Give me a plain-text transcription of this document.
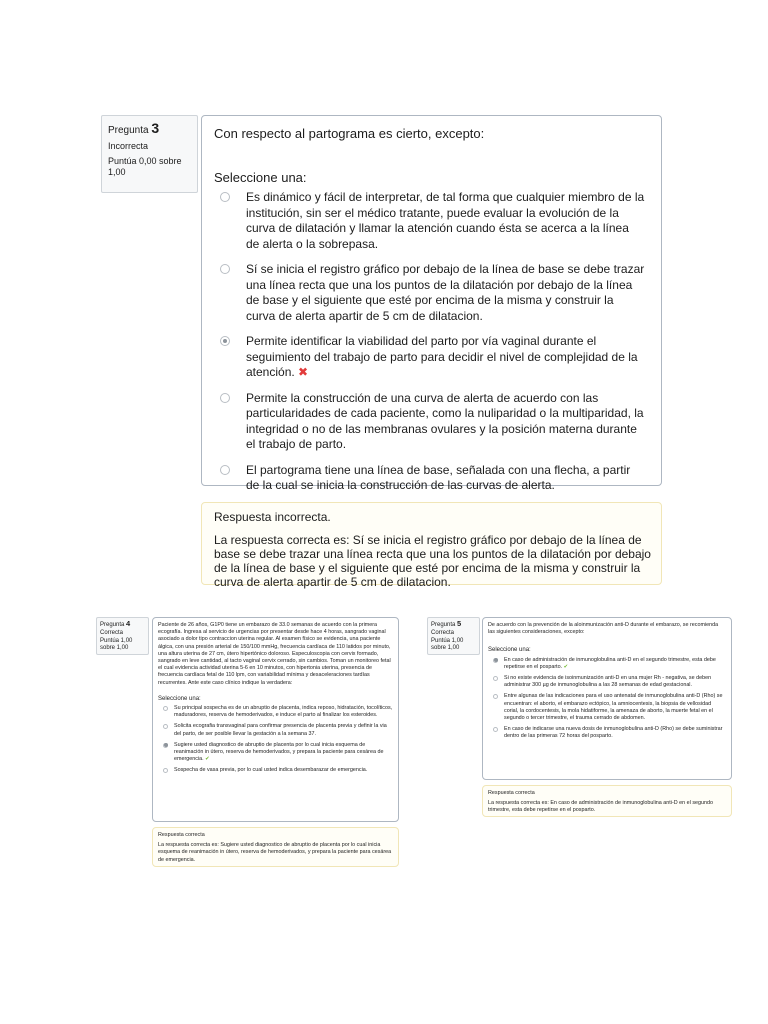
Pregunta 3
Incorrecta
Puntúa 0,00 sobre 1,00
Con respecto al partograma es cierto, excepto:
Seleccione una:
Es dinámico y fácil de interpretar, de tal forma que cualquier miembro de la institución, sin ser el médico tratante, puede evaluar la evolución de la curva de dilatación y llamar la atención cuando ésta se acerca a la línea de alerta o la sobrepasa.
Sí se inicia el registro gráfico por debajo de la línea de base se debe trazar una línea recta que una los puntos de la dilatación por debajo de la línea de base y el siguiente que esté por encima de la misma y construir la curva de alerta apartir de 5 cm de dilatacion.
Permite identificar la viabilidad del parto por vía vaginal durante el seguimiento del trabajo de parto para decidir el nivel de complejidad de la atención. ✖
Permite la construcción de una curva de alerta de acuerdo con las particularidades de cada paciente, como la nuliparidad o la multiparidad, la integridad o no de las membranas ovulares y la posición materna durante el trabajo de parto.
El partograma tiene una línea de base, señalada con una flecha, a partir de la cual se inicia la construcción de las curvas de alerta.
Respuesta incorrecta.
La respuesta correcta es: Sí se inicia el registro gráfico por debajo de la línea de base se debe trazar una línea recta que una los puntos de la dilatación por debajo de la línea de base y el siguiente que esté por encima de la misma y construir la curva de alerta apartir de 5 cm de dilatacion.
Pregunta 4
Correcta
Puntúa 1,00 sobre 1,00
Paciente de 26 años, G1P0 tiene un embarazo de 33.0 semanas de acuerdo con la primera ecografía. Ingresa al servicio de urgencias por presentar desde hace 4 horas, sangrado vaginal asociado a dolor tipo contraccion uterina regular. Al examen físico se evidencia, una paciente álgica, con una presión arterial de 150/100 mmHg, frecuencia cardíaca de 110 latidos por minuto, una altura uterina de 27 cm, útero hipertónico doloroso. Especuloscopia con cervix formado, sangrado en leve cantidad, al tacto vaginal cervix cerrado, sin cambios. Toman un monitoreo fetal el cual evidencia actividad uterina 5-6 en 10 minutos, con hipertonia uterina, presencia de frecuencia cardíaca fetal de 110 lpm, con variabilidad mínima y desaceleraciones tardías recurrentes. Ante este caso clínico indique la verdadera:
Seleccione una:
Su principal sospecha es de un abruptio de placenta, indica reposo, hidratación, tocolíticos, maduradores, reserva de hemoderivados, e induce el parto al finalizar los esteroides.
Solicita ecografia transvaginal para confirmar presencia de placenta previa y definir la via del parto, de ser posible llevar la gestación a la semana 37.
Sugiere usted diagnostico de abruptio de placenta por lo cual inicia esquema de reanimación in útero, reserva de hemoderivados, y prepara la paciente para cesárea de emergencia. ✔
Sospecha de vasa previa, por lo cual usted indica desembarazar de emergencia.
Respuesta correcta
La respuesta correcta es: Sugiere usted diagnostico de abruptio de placenta por lo cual inicia esquema de reanimación in útero, reserva de hemoderivados, y prepara la paciente para cesárea de emergencia.
Pregunta 5
Correcta
Puntúa 1,00 sobre 1,00
De acuerdo con la prevención de la aloinmunización anti-D durante el embarazo, se recomienda las siguientes consideraciones, excepto:
Seleccione una:
En caso de administración de inmunoglobulina anti-D en el segundo trimestre, esta debe repetirse en el posparto. ✔
Si no existe evidencia de isoinmunización anti-D en una mujer Rh - negativa, se deben administrar 300 µg de inmunoglobulina a las 28 semanas de edad gestacional.
Entre algunas de las indicaciones para el uso antenatal de inmunoglobulina anti-D (Rho) se encuentran: el aborto, el embarazo ectópico, la amniocentesis, la biopsia de vellosidad corial, la cordocentesis, la mola hidatiforme, la amenaza de aborto, la muerte fetal en el segundo o tercer trimestre, el trauma cerrado de abdomen.
En caso de indicarse una nueva dosis de inmunoglobulina anti-D (Rho) se debe suministrar dentro de las primeras 72 horas del posparto.
Respuesta correcta
La respuesta correcta es: En caso de administración de inmunoglobulina anti-D en el segundo trimestre, esta debe repetirse en el posparto.
